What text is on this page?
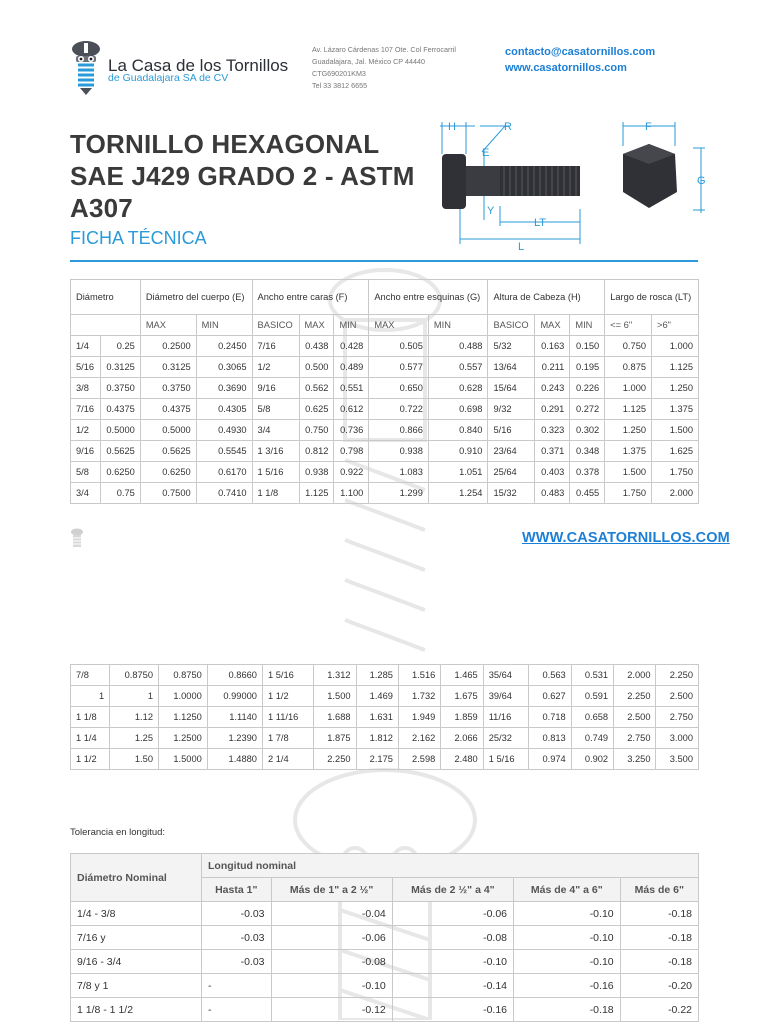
La Casa de los Tornillos
de Guadalajara SA de CV
Av. Lázaro Cárdenas 107 Ote. Col Ferrocarril
Guadalajara, Jal. México CP 44440
CTG690201KM3
Tel 33 3812 6655
contacto@casatornillos.com
www.casatornillos.com
TORNILLO HEXAGONAL SAE J429 GRADO 2 - ASTM A307
FICHA TÉCNICA
H	R
E
Y
LT
L
F
G
Diámetro		Diámetro del cuerpo (E)		Ancho entre caras (F)			Ancho entre esquinas (G)		Altura de Cabeza (H)			Largo de rosca (LT)	
		MAX	MIN	BASICO	MAX	MIN	MAX	MIN	BASICO	MAX	MIN	<= 6"	>6"
1/4	0.25	0.2500	0.2450	7/16	0.438	0.428	0.505	0.488	5/32	0.163	0.150	0.750	1.000
5/16	0.3125	0.3125	0.3065	1/2	0.500	0.489	0.577	0.557	13/64	0.211	0.195	0.875	1.125
3/8	0.3750	0.3750	0.3690	9/16	0.562	0.551	0.650	0.628	15/64	0.243	0.226	1.000	1.250
7/16	0.4375	0.4375	0.4305	5/8	0.625	0.612	0.722	0.698	9/32	0.291	0.272	1.125	1.375
1/2	0.5000	0.5000	0.4930	3/4	0.750	0.736	0.866	0.840	5/16	0.323	0.302	1.250	1.500
9/16	0.5625	0.5625	0.5545	1 3/16	0.812	0.798	0.938	0.910	23/64	0.371	0.348	1.375	1.625
5/8	0.6250	0.6250	0.6170	1 5/16	0.938	0.922	1.083	1.051	25/64	0.403	0.378	1.500	1.750
3/4	0.75	0.7500	0.7410	1 1/8	1.125	1.100	1.299	1.254	15/32	0.483	0.455	1.750	2.000
WWW.CASATORNILLOS.COM
7/8	0.8750	0.8750	0.8660	1 5/16	1.312	1.285	1.516	1.465	35/64	0.563	0.531	2.000	2.250
1	1	1.0000	0.99000	1 1/2	1.500	1.469	1.732	1.675	39/64	0.627	0.591	2.250	2.500
1 1/8	1.12	1.1250	1.1140	1 11/16	1.688	1.631	1.949	1.859	11/16	0.718	0.658	2.500	2.750
1 1/4	1.25	1.2500	1.2390	1 7/8	1.875	1.812	2.162	2.066	25/32	0.813	0.749	2.750	3.000
1 1/2	1.50	1.5000	1.4880	2 1/4	2.250	2.175	2.598	2.480	1 5/16	0.974	0.902	3.250	3.500
Tolerancia en longitud:
Diámetro Nominal	Longitud nominal				
	Hasta 1"	Más de 1" a 2 ½"	Más de 2 ½" a 4"	Más de 4" a 6"	Más de 6"
1/4 - 3/8	-0.03	-0.04	-0.06	-0.10	-0.18
7/16 y	-0.03	-0.06	-0.08	-0.10	-0.18
9/16 - 3/4	-0.03	-0.08	-0.10	-0.10	-0.18
7/8 y 1	-	-0.10	-0.14	-0.16	-0.20
1 1/8 - 1 1/2	-	-0.12	-0.16	-0.18	-0.22
